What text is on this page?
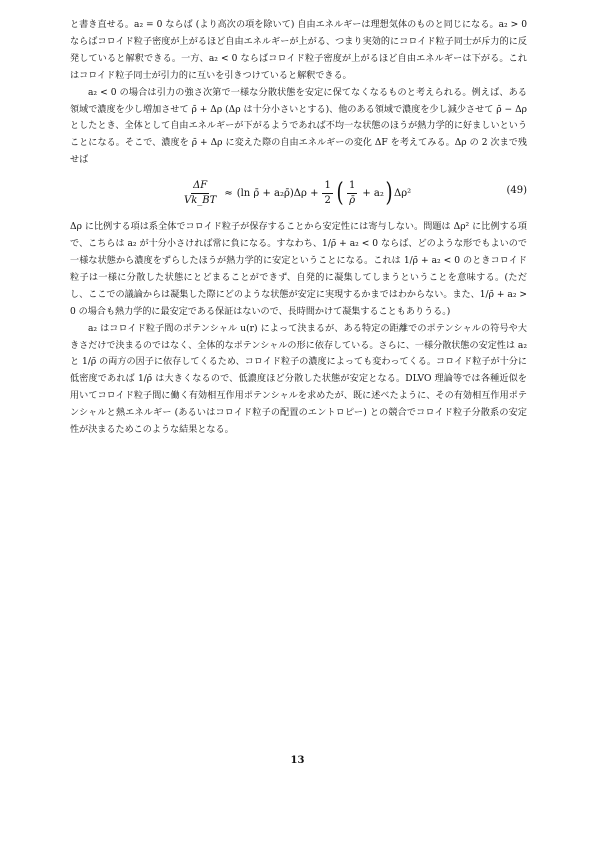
と書き直せる。a₂ = 0 ならば (より高次の項を除いて) 自由エネルギーは理想気体のものと同じになる。a₂ > 0 ならばコロイド粒子密度が上がるほど自由エネルギーが上がる、つまり実効的にコロイド粒子同士が斥力的に反発していると解釈できる。一方、a₂ < 0 ならばコロイド粒子密度が上がるほど自由エネルギーは下がる。これはコロイド粒子同士が引力的に互いを引きつけていると解釈できる。

a₂ < 0 の場合は引力の強さ次第で一様な分散状態を安定に保てなくなるものと考えられる。例えば、ある領域で濃度を少し増加させて ρ̄ + Δρ (Δρ は十分小さいとする)、他のある領域で濃度を少し減少させて ρ̄ − Δρ としたとき、全体として自由エネルギーが下がるようであれば不均一な状態のほうが熱力学的に好ましいということになる。そこで、濃度を ρ̄ + Δρ に変えた際の自由エネルギーの変化 ΔF を考えてみる。Δρ の 2 次まで残せば

$\frac{\Delta F}{Vk\_BT} \approx (\ln$ ρ̄ + a₂ρ̄)Δρ + $\frac{1}{2}$ ( $\frac{1}{\rhō} + a_2$ ) Δρ²	(49)

Δρ に比例する項は系全体でコロイド粒子が保存することから安定性には寄与しない。問題は Δρ² に比例する項で、こちらは a₂ が十分小さければ常に負になる。すなわち、1/ρ̄ + a₂ < 0 ならば、どのような形でもよいので一様な状態から濃度をずらしたほうが熱力学的に安定ということになる。これは 1/ρ̄ + a₂ < 0 のときコロイド粒子は一様に分散した状態にとどまることができず、自発的に凝集してしまうということを意味する。(ただし、ここでの議論からは凝集した際にどのような状態が安定に実現するかまではわからない。また、1/ρ̄ + a₂ > 0 の場合も熱力学的に最安定である保証はないので、長時間かけて凝集することもありうる。)

a₂ はコロイド粒子間のポテンシャル u(r) によって決まるが、ある特定の距離でのポテンシャルの符号や大きさだけで決まるのではなく、全体的なポテンシャルの形に依存している。さらに、一様分散状態の安定性は a₂ と 1/ρ̄ の両方の因子に依存してくるため、コロイド粒子の濃度によっても変わってくる。コロイド粒子が十分に低密度であれば 1/ρ̄ は大きくなるので、低濃度ほど分散した状態が安定となる。DLVO 理論等では各種近似を用いてコロイド粒子間に働く有効相互作用ポテンシャルを求めたが、既に述べたように、その有効相互作用ポテンシャルと熱エネルギー (あるいはコロイド粒子の配置のエントロピー) との競合でコロイド粒子分散系の安定性が決まるためこのような結果となる。

13
